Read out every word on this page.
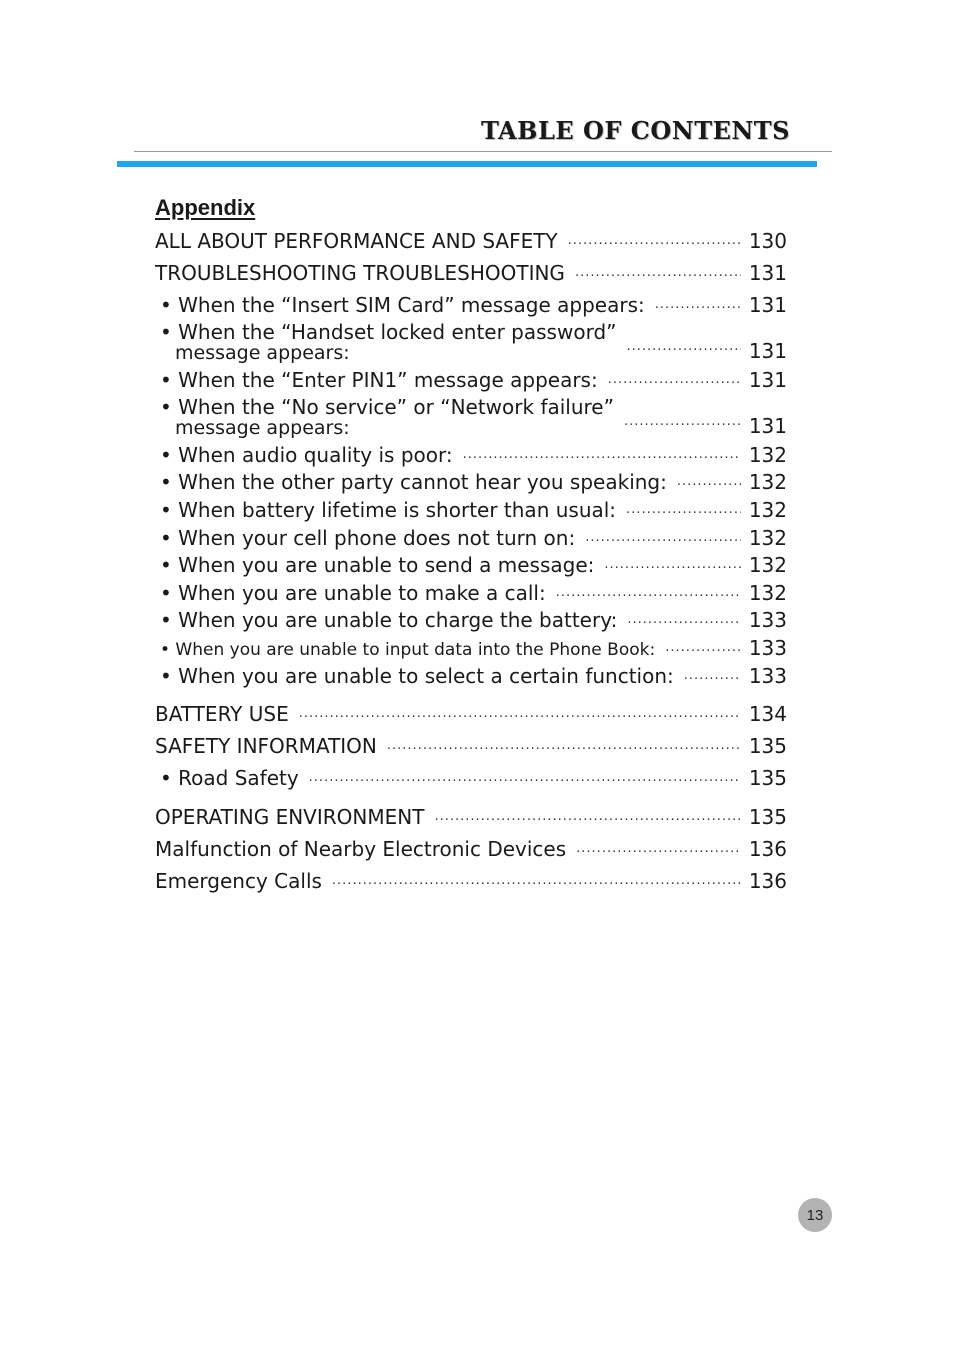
TABLE OF CONTENTS
Appendix
ALL ABOUT PERFORMANCE AND SAFETY ·····	130
TROUBLESHOOTING TROUBLESHOOTING ·····	131
• When the “Insert SIM Card” message appears: ·····	131
• When the “Handset locked enter password”
message appears: ·····	131
• When the “Enter PIN1” message appears: ·····	131
• When the “No service” or “Network failure”
message appears: ·····	131
• When audio quality is poor: ·····	132
• When the other party cannot hear you speaking: ·····	132
• When battery lifetime is shorter than usual: ·····	132
• When your cell phone does not turn on: ·····	132
• When you are unable to send a message: ·····	132
• When you are unable to make a call: ·····	132
• When you are unable to charge the battery: ·····	133
• When you are unable to input data into the Phone Book: ·····	133
• When you are unable to select a certain function: ·····	133
BATTERY USE ·····	134
SAFETY INFORMATION ·····	135
• Road Safety ·····	135
OPERATING ENVIRONMENT ·····	135
Malfunction of Nearby Electronic Devices ·····	136
Emergency Calls ·····	136
13
